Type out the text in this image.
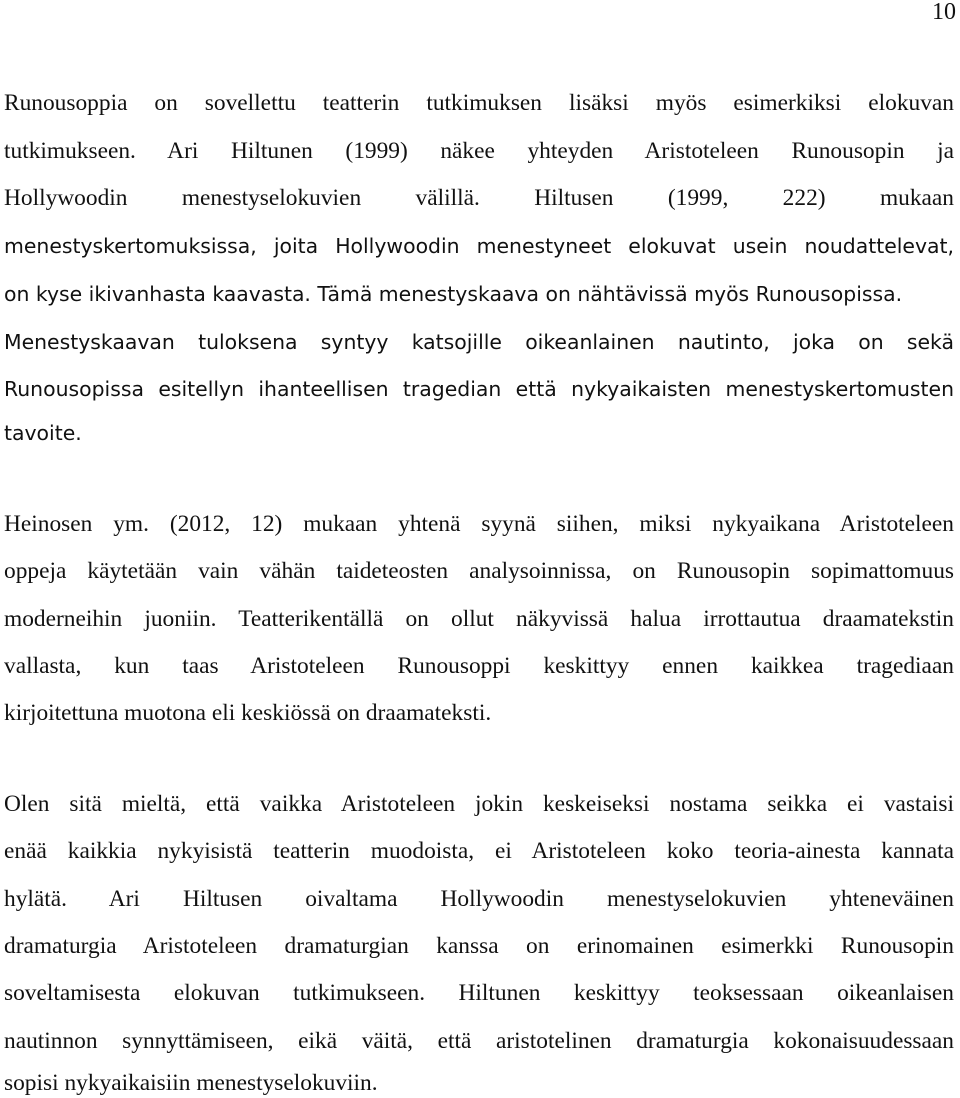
10
Runousoppia on sovellettu teatterin tutkimuksen lisäksi myös esimerkiksi elokuvan
tutkimukseen. Ari Hiltunen (1999) näkee yhteyden Aristoteleen Runousopin ja
Hollywoodin menestyselokuvien välillä. Hiltusen (1999, 222) mukaan
menestyskertomuksissa, joita Hollywoodin menestyneet elokuvat usein noudattelevat,
on kyse ikivanhasta kaavasta. Tämä menestyskaava on nähtävissä myös Runousopissa.
Menestyskaavan tuloksena syntyy katsojille oikeanlainen nautinto, joka on sekä
Runousopissa esitellyn ihanteellisen tragedian että nykyaikaisten menestyskertomusten
tavoite.
Heinosen ym. (2012, 12) mukaan yhtenä syynä siihen, miksi nykyaikana Aristoteleen
oppeja käytetään vain vähän taideteosten analysoinnissa, on Runousopin sopimattomuus
moderneihin juoniin. Teatterikentällä on ollut näkyvissä halua irrottautua draamatekstin
vallasta, kun taas Aristoteleen Runousoppi keskittyy ennen kaikkea tragediaan
kirjoitettuna muotona eli keskiössä on draamateksti.
Olen sitä mieltä, että vaikka Aristoteleen jokin keskeiseksi nostama seikka ei vastaisi
enää kaikkia nykyisistä teatterin muodoista, ei Aristoteleen koko teoria-ainesta kannata
hylätä. Ari Hiltusen oivaltama Hollywoodin menestyselokuvien yhteneväinen
dramaturgia Aristoteleen dramaturgian kanssa on erinomainen esimerkki Runousopin
soveltamisesta elokuvan tutkimukseen. Hiltunen keskittyy teoksessaan oikeanlaisen
nautinnon synnyttämiseen, eikä väitä, että aristotelinen dramaturgia kokonaisuudessaan
sopisi nykyaikaisiin menestyselokuviin.
